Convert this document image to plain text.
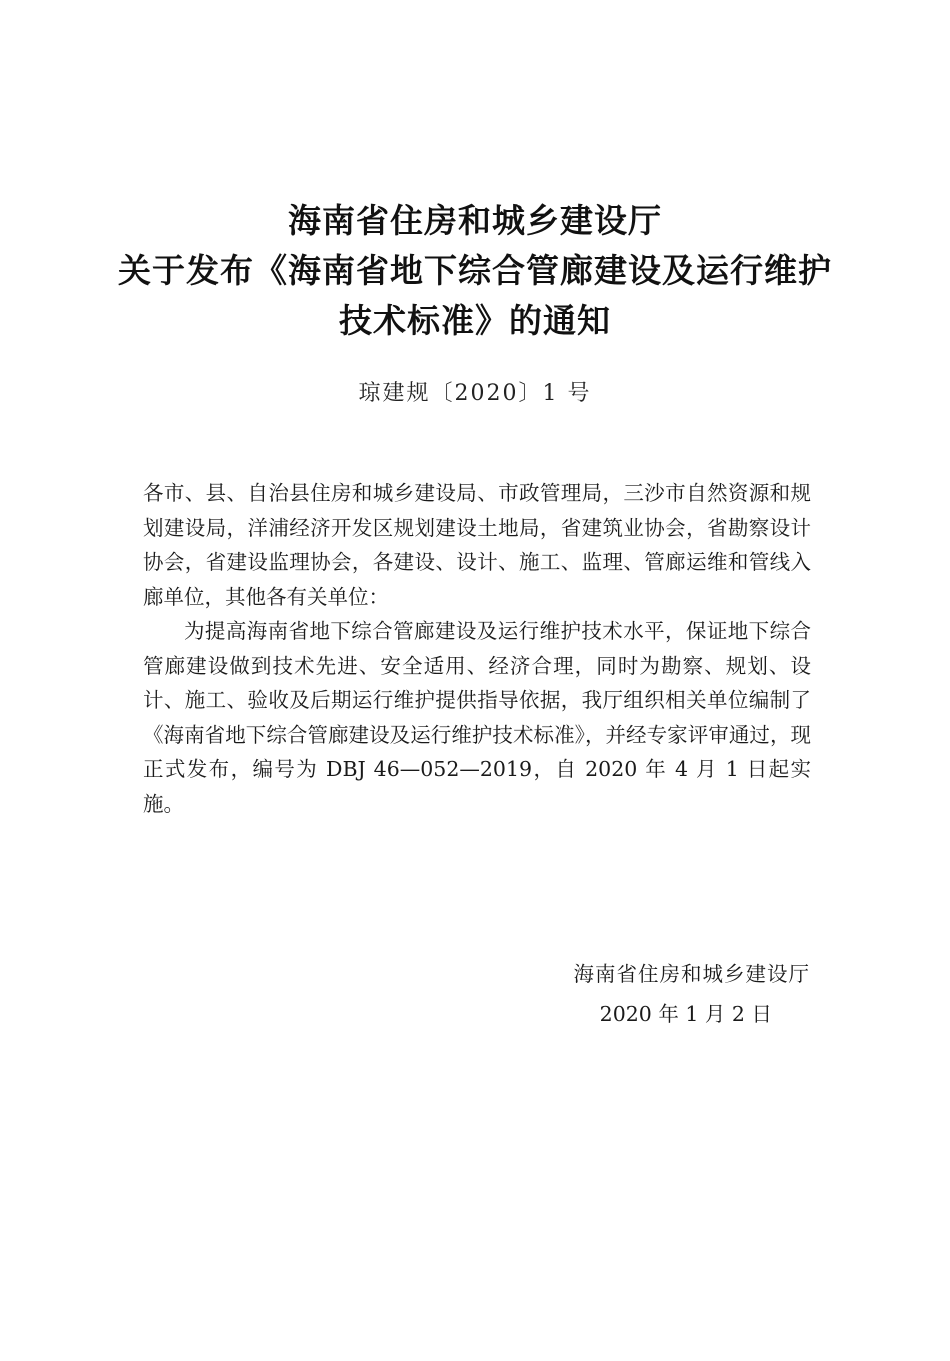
海南省住房和城乡建设厅
关于发布《海南省地下综合管廊建设及运行维护
技术标准》的通知
琼建规〔2020〕1 号

各市、县、自治县住房和城乡建设局、市政管理局，三沙市自然资源和规划建设局，洋浦经济开发区规划建设土地局，省建筑业协会，省勘察设计协会，省建设监理协会，各建设、设计、施工、监理、管廊运维和管线入廊单位，其他各有关单位：

为提高海南省地下综合管廊建设及运行维护技术水平，保证地下综合管廊建设做到技术先进、安全适用、经济合理，同时为勘察、规划、设计、施工、验收及后期运行维护提供指导依据，我厅组织相关单位编制了《海南省地下综合管廊建设及运行维护技术标准》，并经专家评审通过，现正式发布，编号为 DBJ 46—052—2019，自 2020 年 4 月 1 日起实施。

海南省住房和城乡建设厅
2020 年 1 月 2 日
